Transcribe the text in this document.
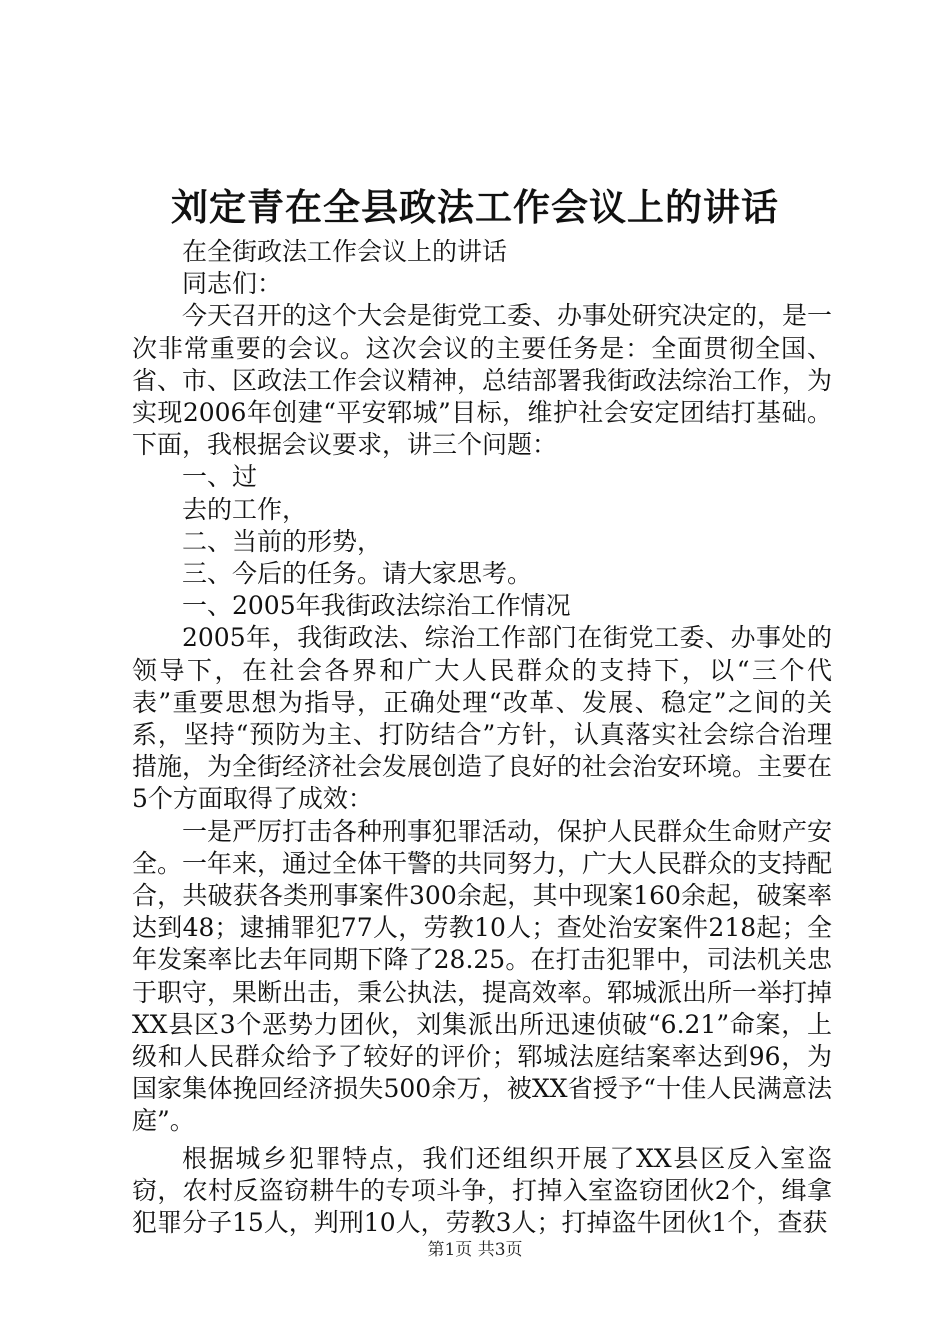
刘定青在全县政法工作会议上的讲话

在全街政法工作会议上的讲话

同志们：

今天召开的这个大会是街党工委、办事处研究决定的，是一次非常重要的会议。这次会议的主要任务是：全面贯彻全国、省、市、区政法工作会议精神，总结部署我街政法综治工作，为实现2006年创建“平安郓城”目标，维护社会安定团结打基础。下面，我根据会议要求，讲三个问题：

一、过

去的工作，

二、当前的形势，

三、今后的任务。请大家思考。

一、2005年我街政法综治工作情况

2005年，我街政法、综治工作部门在街党工委、办事处的领导下，在社会各界和广大人民群众的支持下，以“三个代表”重要思想为指导，正确处理“改革、发展、稳定”之间的关系，坚持“预防为主、打防结合”方针，认真落实社会综合治理措施，为全街经济社会发展创造了良好的社会治安环境。主要在5个方面取得了成效：

一是严厉打击各种刑事犯罪活动，保护人民群众生命财产安全。一年来，通过全体干警的共同努力，广大人民群众的支持配合，共破获各类刑事案件300余起，其中现案160余起，破案率达到48；逮捕罪犯77人，劳教10人；查处治安案件218起；全年发案率比去年同期下降了28.25。在打击犯罪中，司法机关忠于职守，果断出击，秉公执法，提高效率。郓城派出所一举打掉XX县区3个恶势力团伙，刘集派出所迅速侦破“6.21”命案，上级和人民群众给予了较好的评价；郓城法庭结案率达到96，为国家集体挽回经济损失500余万，被XX省授予“十佳人民满意法庭”。

根据城乡犯罪特点，我们还组织开展了XX县区反入室盗窃，农村反盗窃耕牛的专项斗争，打掉入室盗窃团伙2个，缉拿犯罪分子15人，判刑10人，劳教3人；打掉盗牛团伙1个，查获

第1页 共3页
